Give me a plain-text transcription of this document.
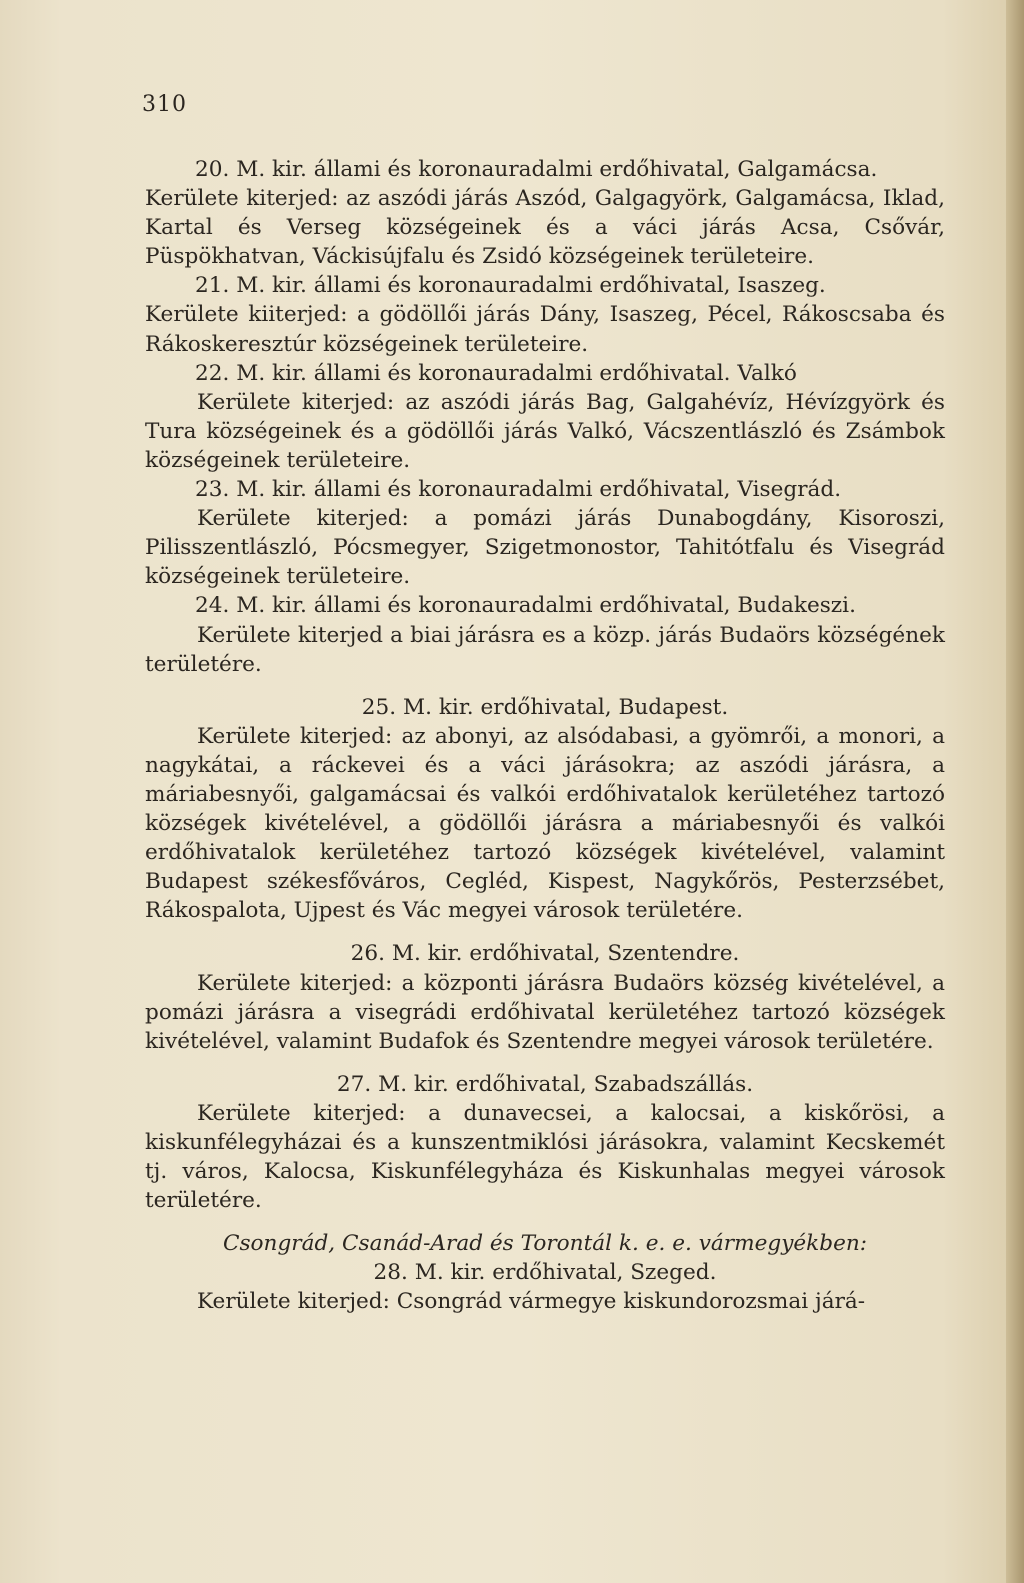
310

20. M. kir. állami és koronauradalmi erdőhivatal, Galgamácsa.

Kerülete kiterjed: az aszódi járás Aszód, Galgagyörk, Galgamácsa, Iklad, Kartal és Verseg községeinek és a váci járás Acsa, Csővár, Püspökhatvan, Váckisújfalu és Zsidó községeinek területeire.

21. M. kir. állami és koronauradalmi erdőhivatal, Isaszeg.

Kerülete kiiterjed: a gödöllői járás Dány, Isaszeg, Pécel, Rákoscsaba és Rákoskeresztúr községeinek területeire.

22. M. kir. állami és koronauradalmi erdőhivatal. Valkó

Kerülete kiterjed: az aszódi járás Bag, Galgahévíz, Hévízgyörk és Tura községeinek és a gödöllői járás Valkó, Vácszentlászló és Zsámbok községeinek területeire.

23. M. kir. állami és koronauradalmi erdőhivatal, Visegrád.

Kerülete kiterjed: a pomázi járás Dunabogdány, Kisoroszi, Pilisszentlászló, Pócsmegyer, Szigetmonostor, Tahitótfalu és Visegrád községeinek területeire.

24. M. kir. állami és koronauradalmi erdőhivatal, Budakeszi.

Kerülete kiterjed a biai járásra es a közp. járás Budaörs községének területére.

25. M. kir. erdőhivatal, Budapest.

Kerülete kiterjed: az abonyi, az alsódabasi, a gyömrői, a monori, a nagykátai, a ráckevei és a váci járásokra; az aszódi járásra, a máriabesnyői, galgamácsai és valkói erdőhivatalok kerületéhez tartozó községek kivételével, a gödöllői járásra a máriabesnyői és valkói erdőhivatalok kerületéhez tartozó községek kivételével, valamint Budapest székesfőváros, Cegléd, Kispest, Nagykőrös, Pesterzsébet, Rákospalota, Ujpest és Vác megyei városok területére.

26. M. kir. erdőhivatal, Szentendre.

Kerülete kiterjed: a központi járásra Budaörs község kivételével, a pomázi járásra a visegrádi erdőhivatal kerületéhez tartozó községek kivételével, valamint Budafok és Szentendre megyei városok területére.

27. M. kir. erdőhivatal, Szabadszállás.

Kerülete kiterjed: a dunavecsei, a kalocsai, a kiskőrösi, a kiskunfélegyházai és a kunszentmiklósi járásokra, valamint Kecskemét tj. város, Kalocsa, Kiskunfélegyháza és Kiskunhalas megyei városok területére.

Csongrád, Csanád-Arad és Torontál k. e. e. vármegyékben:

28. M. kir. erdőhivatal, Szeged.

Kerülete kiterjed: Csongrád vármegye kiskundorozsmai járá-
